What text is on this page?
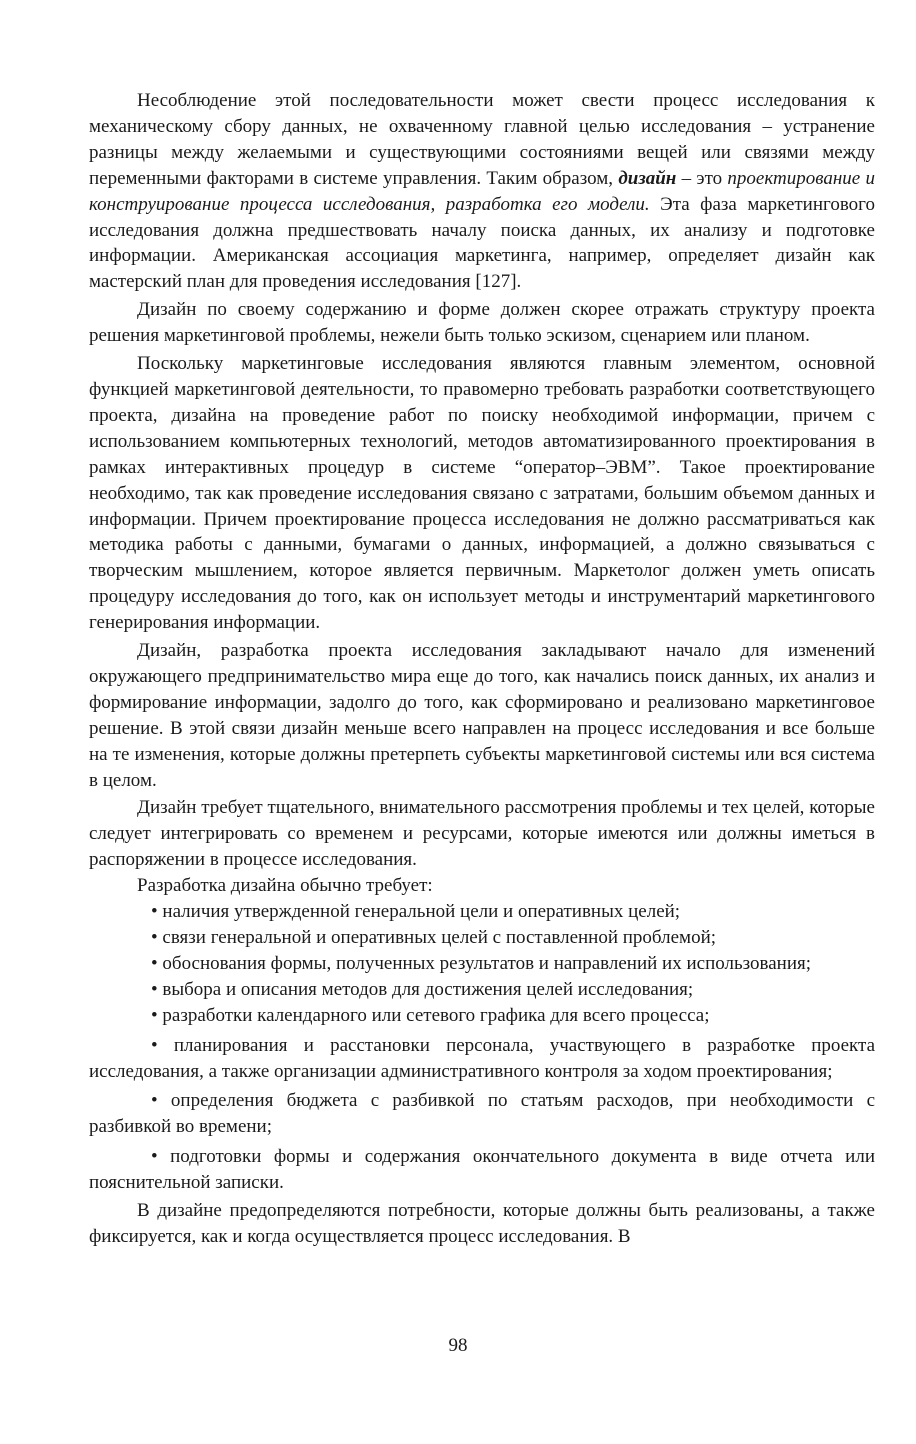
Несоблюдение этой последовательности может свести процесс исследования к механическому сбору данных, не охваченному главной целью исследования – устранение разницы между желаемыми и существующими состояниями вещей или связями между переменными факторами в системе управления. Таким образом, дизайн – это проектирование и конструирование процесса исследования, разработка его модели. Эта фаза маркетингового исследования должна предшествовать началу поиска данных, их анализу и подготовке информации. Американская ассоциация маркетинга, например, определяет дизайн как мастерский план для проведения исследования [127].

Дизайн по своему содержанию и форме должен скорее отражать структуру проекта решения маркетинговой проблемы, нежели быть только эскизом, сценарием или планом.

Поскольку маркетинговые исследования являются главным элементом, основной функцией маркетинговой деятельности, то правомерно требовать разработки соответствующего проекта, дизайна на проведение работ по поиску необходимой информации, причем с использованием компьютерных технологий, методов автоматизированного проектирования в рамках интерактивных процедур в системе “оператор–ЭВМ”. Такое проектирование необходимо, так как проведение исследования связано с затратами, большим объемом данных и информации. Причем проектирование процесса исследования не должно рассматриваться как методика работы с данными, бумагами о данных, информацией, а должно связываться с творческим мышлением, которое является первичным. Маркетолог должен уметь описать процедуру исследования до того, как он использует методы и инструментарий маркетингового генерирования информации.

Дизайн, разработка проекта исследования закладывают начало для изменений окружающего предпринимательство мира еще до того, как начались поиск данных, их анализ и формирование информации, задолго до того, как сформировано и реализовано маркетинговое решение. В этой связи дизайн меньше всего направлен на процесс исследования и все больше на те изменения, которые должны претерпеть субъекты маркетинговой системы или вся система в целом.

Дизайн требует тщательного, внимательного рассмотрения проблемы и тех целей, которые следует интегрировать со временем и ресурсами, которые имеются или должны иметься в распоряжении в процессе исследования.

Разработка дизайна обычно требует:

• наличия утвержденной генеральной цели и оперативных целей;
• связи генеральной и оперативных целей с поставленной проблемой;
• обоснования формы, полученных результатов и направлений их использования;
• выбора и описания методов для достижения целей исследования;
• разработки календарного или сетевого графика для всего процесса;
• планирования и расстановки персонала, участвующего в разработке проекта исследования, а также организации административного контроля за ходом проектирования;
• определения бюджета с разбивкой по статьям расходов, при необходимости с разбивкой во времени;
• подготовки формы и содержания окончательного документа в виде отчета или пояснительной записки.

В дизайне предопределяются потребности, которые должны быть реализованы, а также фиксируется, как и когда осуществляется процесс исследования. В

98
